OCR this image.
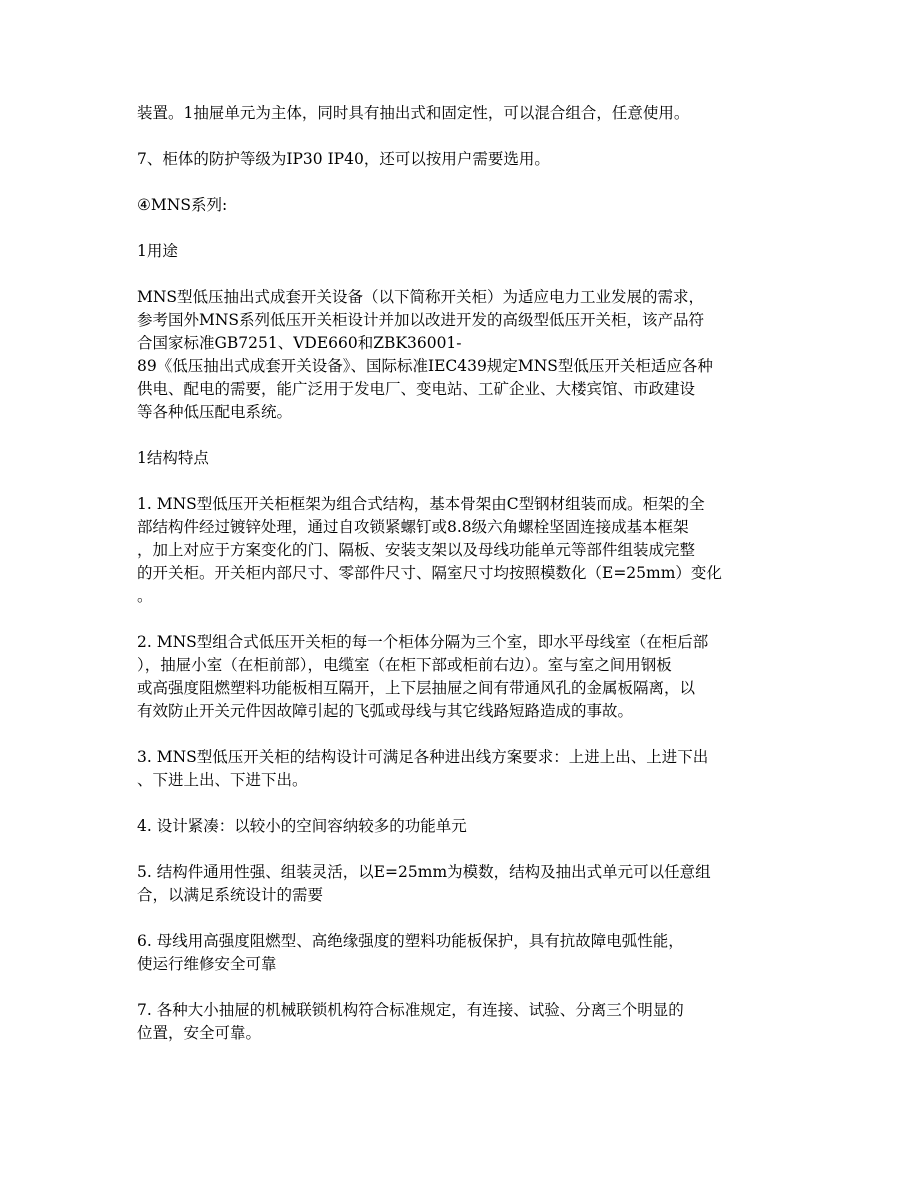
装置。1抽屉单元为主体，同时具有抽出式和固定性，可以混合组合，任意使用。

7、柜体的防护等级为IP30 IP40，还可以按用户需要选用。

④MNS系列:

1用途

MNS型低压抽出式成套开关设备（以下简称开关柜）为适应电力工业发展的需求，
参考国外MNS系列低压开关柜设计并加以改进开发的高级型低压开关柜，该产品符
合国家标准GB7251、VDE660和ZBK36001-
89《低压抽出式成套开关设备》、国际标准IEC439规定MNS型低压开关柜适应各种
供电、配电的需要，能广泛用于发电厂、变电站、工矿企业、大楼宾馆、市政建设
等各种低压配电系统。

1结构特点

1. MNS型低压开关柜框架为组合式结构，基本骨架由C型钢材组装而成。柜架的全
部结构件经过镀锌处理，通过自攻锁紧螺钉或8.8级六角螺栓坚固连接成基本框架
，加上对应于方案变化的门、隔板、安装支架以及母线功能单元等部件组装成完整
的开关柜。开关柜内部尺寸、零部件尺寸、隔室尺寸均按照模数化（E=25mm）变化
。

2. MNS型组合式低压开关柜的每一个柜体分隔为三个室，即水平母线室（在柜后部
），抽屉小室（在柜前部），电缆室（在柜下部或柜前右边）。室与室之间用钢板
或高强度阻燃塑料功能板相互隔开，上下层抽屉之间有带通风孔的金属板隔离，以
有效防止开关元件因故障引起的飞弧或母线与其它线路短路造成的事故。

3. MNS型低压开关柜的结构设计可满足各种进出线方案要求：上进上出、上进下出
、下进上出、下进下出。

4. 设计紧凑：以较小的空间容纳较多的功能单元

5. 结构件通用性强、组装灵活，以E=25mm为模数，结构及抽出式单元可以任意组
合，以满足系统设计的需要

6. 母线用高强度阻燃型、高绝缘强度的塑料功能板保护，具有抗故障电弧性能，
使运行维修安全可靠

7. 各种大小抽屉的机械联锁机构符合标准规定，有连接、试验、分离三个明显的
位置，安全可靠。
